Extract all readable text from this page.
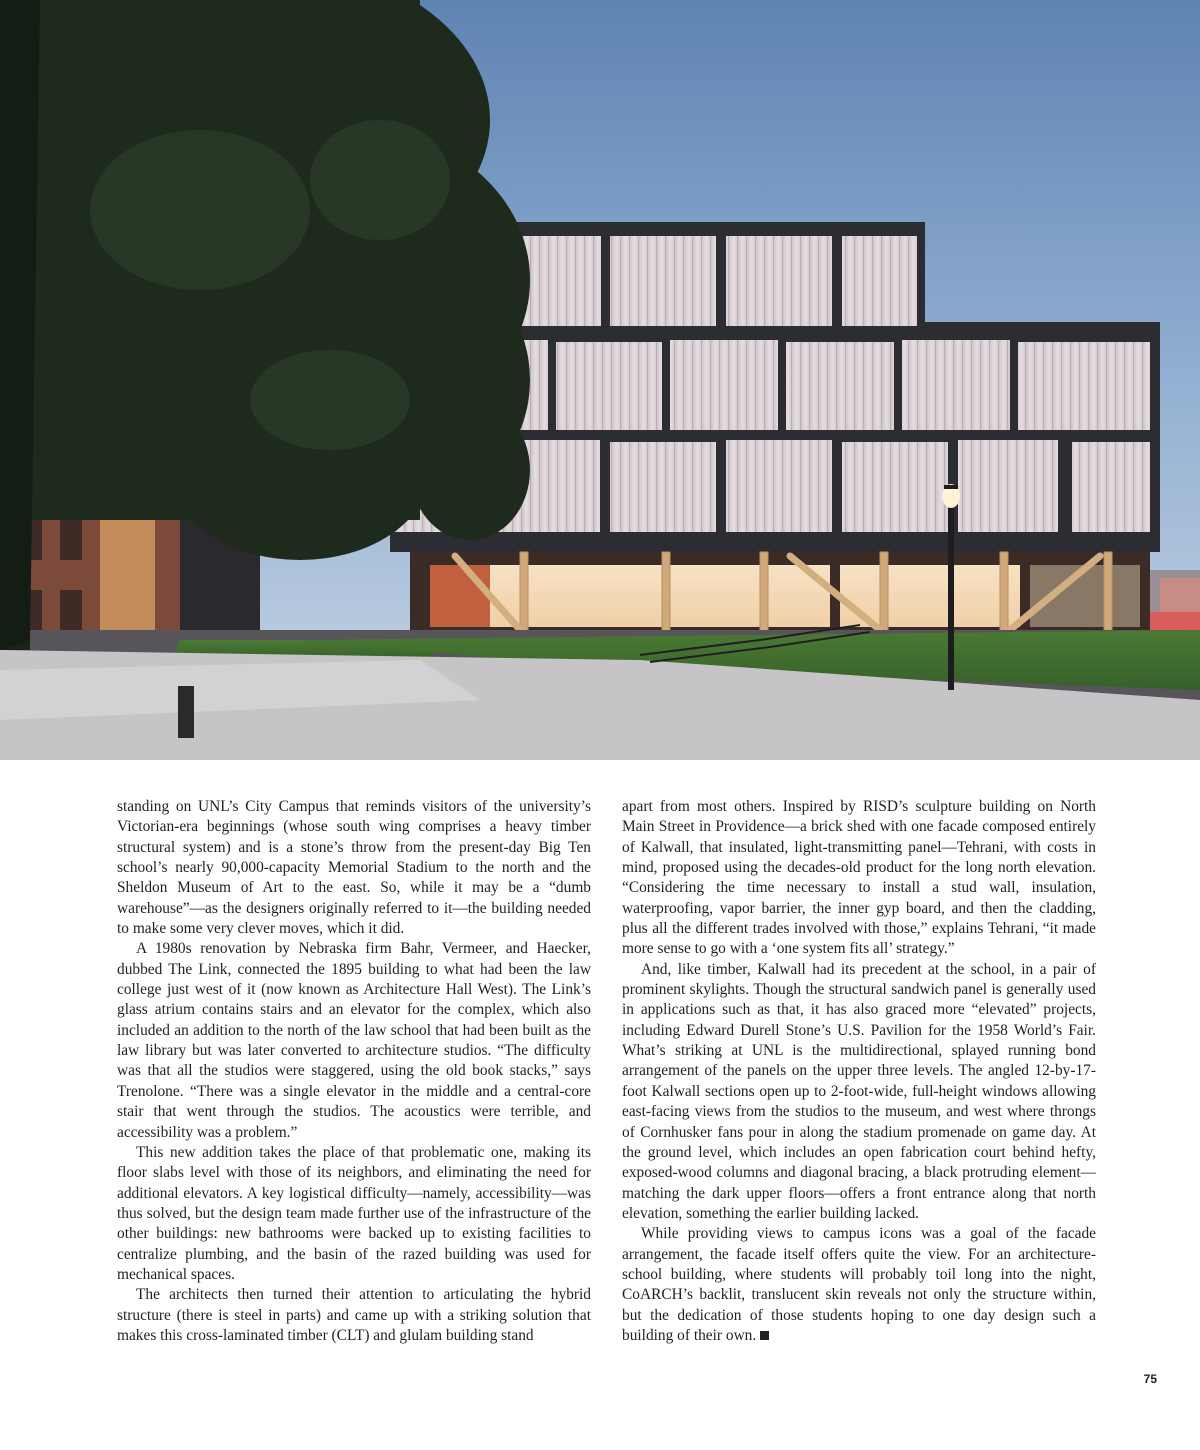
standing on UNL’s City Campus that reminds visitors of the university’s Victorian-era beginnings (whose south wing comprises a heavy timber structural system) and is a stone’s throw from the present-day Big Ten school’s nearly 90,000-capacity Memorial Stadium to the north and the Sheldon Museum of Art to the east. So, while it may be a “dumb warehouse”—as the designers originally referred to it—the building needed to make some very clever moves, which it did.

A 1980s renovation by Nebraska firm Bahr, Vermeer, and Haecker, dubbed The Link, connected the 1895 building to what had been the law college just west of it (now known as Architecture Hall West). The Link’s glass atrium contains stairs and an elevator for the complex, which also included an addition to the north of the law school that had been built as the law library but was later converted to architecture studios. “The difficulty was that all the studios were staggered, using the old book stacks,” says Trenolone. “There was a single elevator in the middle and a central-core stair that went through the studios. The acoustics were terrible, and accessibility was a problem.”

This new addition takes the place of that problematic one, making its floor slabs level with those of its neighbors, and eliminating the need for additional elevators. A key logistical difficulty—namely, accessibility—was thus solved, but the design team made further use of the infrastructure of the other buildings: new bathrooms were backed up to existing facilities to centralize plumbing, and the basin of the razed building was used for mechanical spaces.

The architects then turned their attention to articulating the hybrid structure (there is steel in parts) and came up with a striking solution that makes this cross-laminated timber (CLT) and glulam building stand

apart from most others. Inspired by RISD’s sculpture building on North Main Street in Providence—a brick shed with one facade composed entirely of Kalwall, that insulated, light-transmitting panel—Tehrani, with costs in mind, proposed using the decades-old product for the long north elevation. “Considering the time necessary to install a stud wall, insulation, waterproofing, vapor barrier, the inner gyp board, and then the cladding, plus all the different trades involved with those,” explains Tehrani, “it made more sense to go with a ‘one system fits all’ strategy.”

And, like timber, Kalwall had its precedent at the school, in a pair of prominent skylights. Though the structural sandwich panel is generally used in applications such as that, it has also graced more “elevated” projects, including Edward Durell Stone’s U.S. Pavilion for the 1958 World’s Fair. What’s striking at UNL is the multidirectional, splayed running bond arrangement of the panels on the upper three levels. The angled 12-by-17-foot Kalwall sections open up to 2-foot-wide, full-height windows allowing east-facing views from the studios to the museum, and west where throngs of Cornhusker fans pour in along the stadium promenade on game day. At the ground level, which includes an open fabrication court behind hefty, exposed-wood columns and diagonal bracing, a black protruding element—matching the dark upper floors—offers a front entrance along that north elevation, something the earlier building lacked.

While providing views to campus icons was a goal of the facade arrangement, the facade itself offers quite the view. For an architecture-school building, where students will probably toil long into the night, CoARCH’s backlit, translucent skin reveals not only the structure within, but the dedication of those students hoping to one day design such a building of their own.

75
